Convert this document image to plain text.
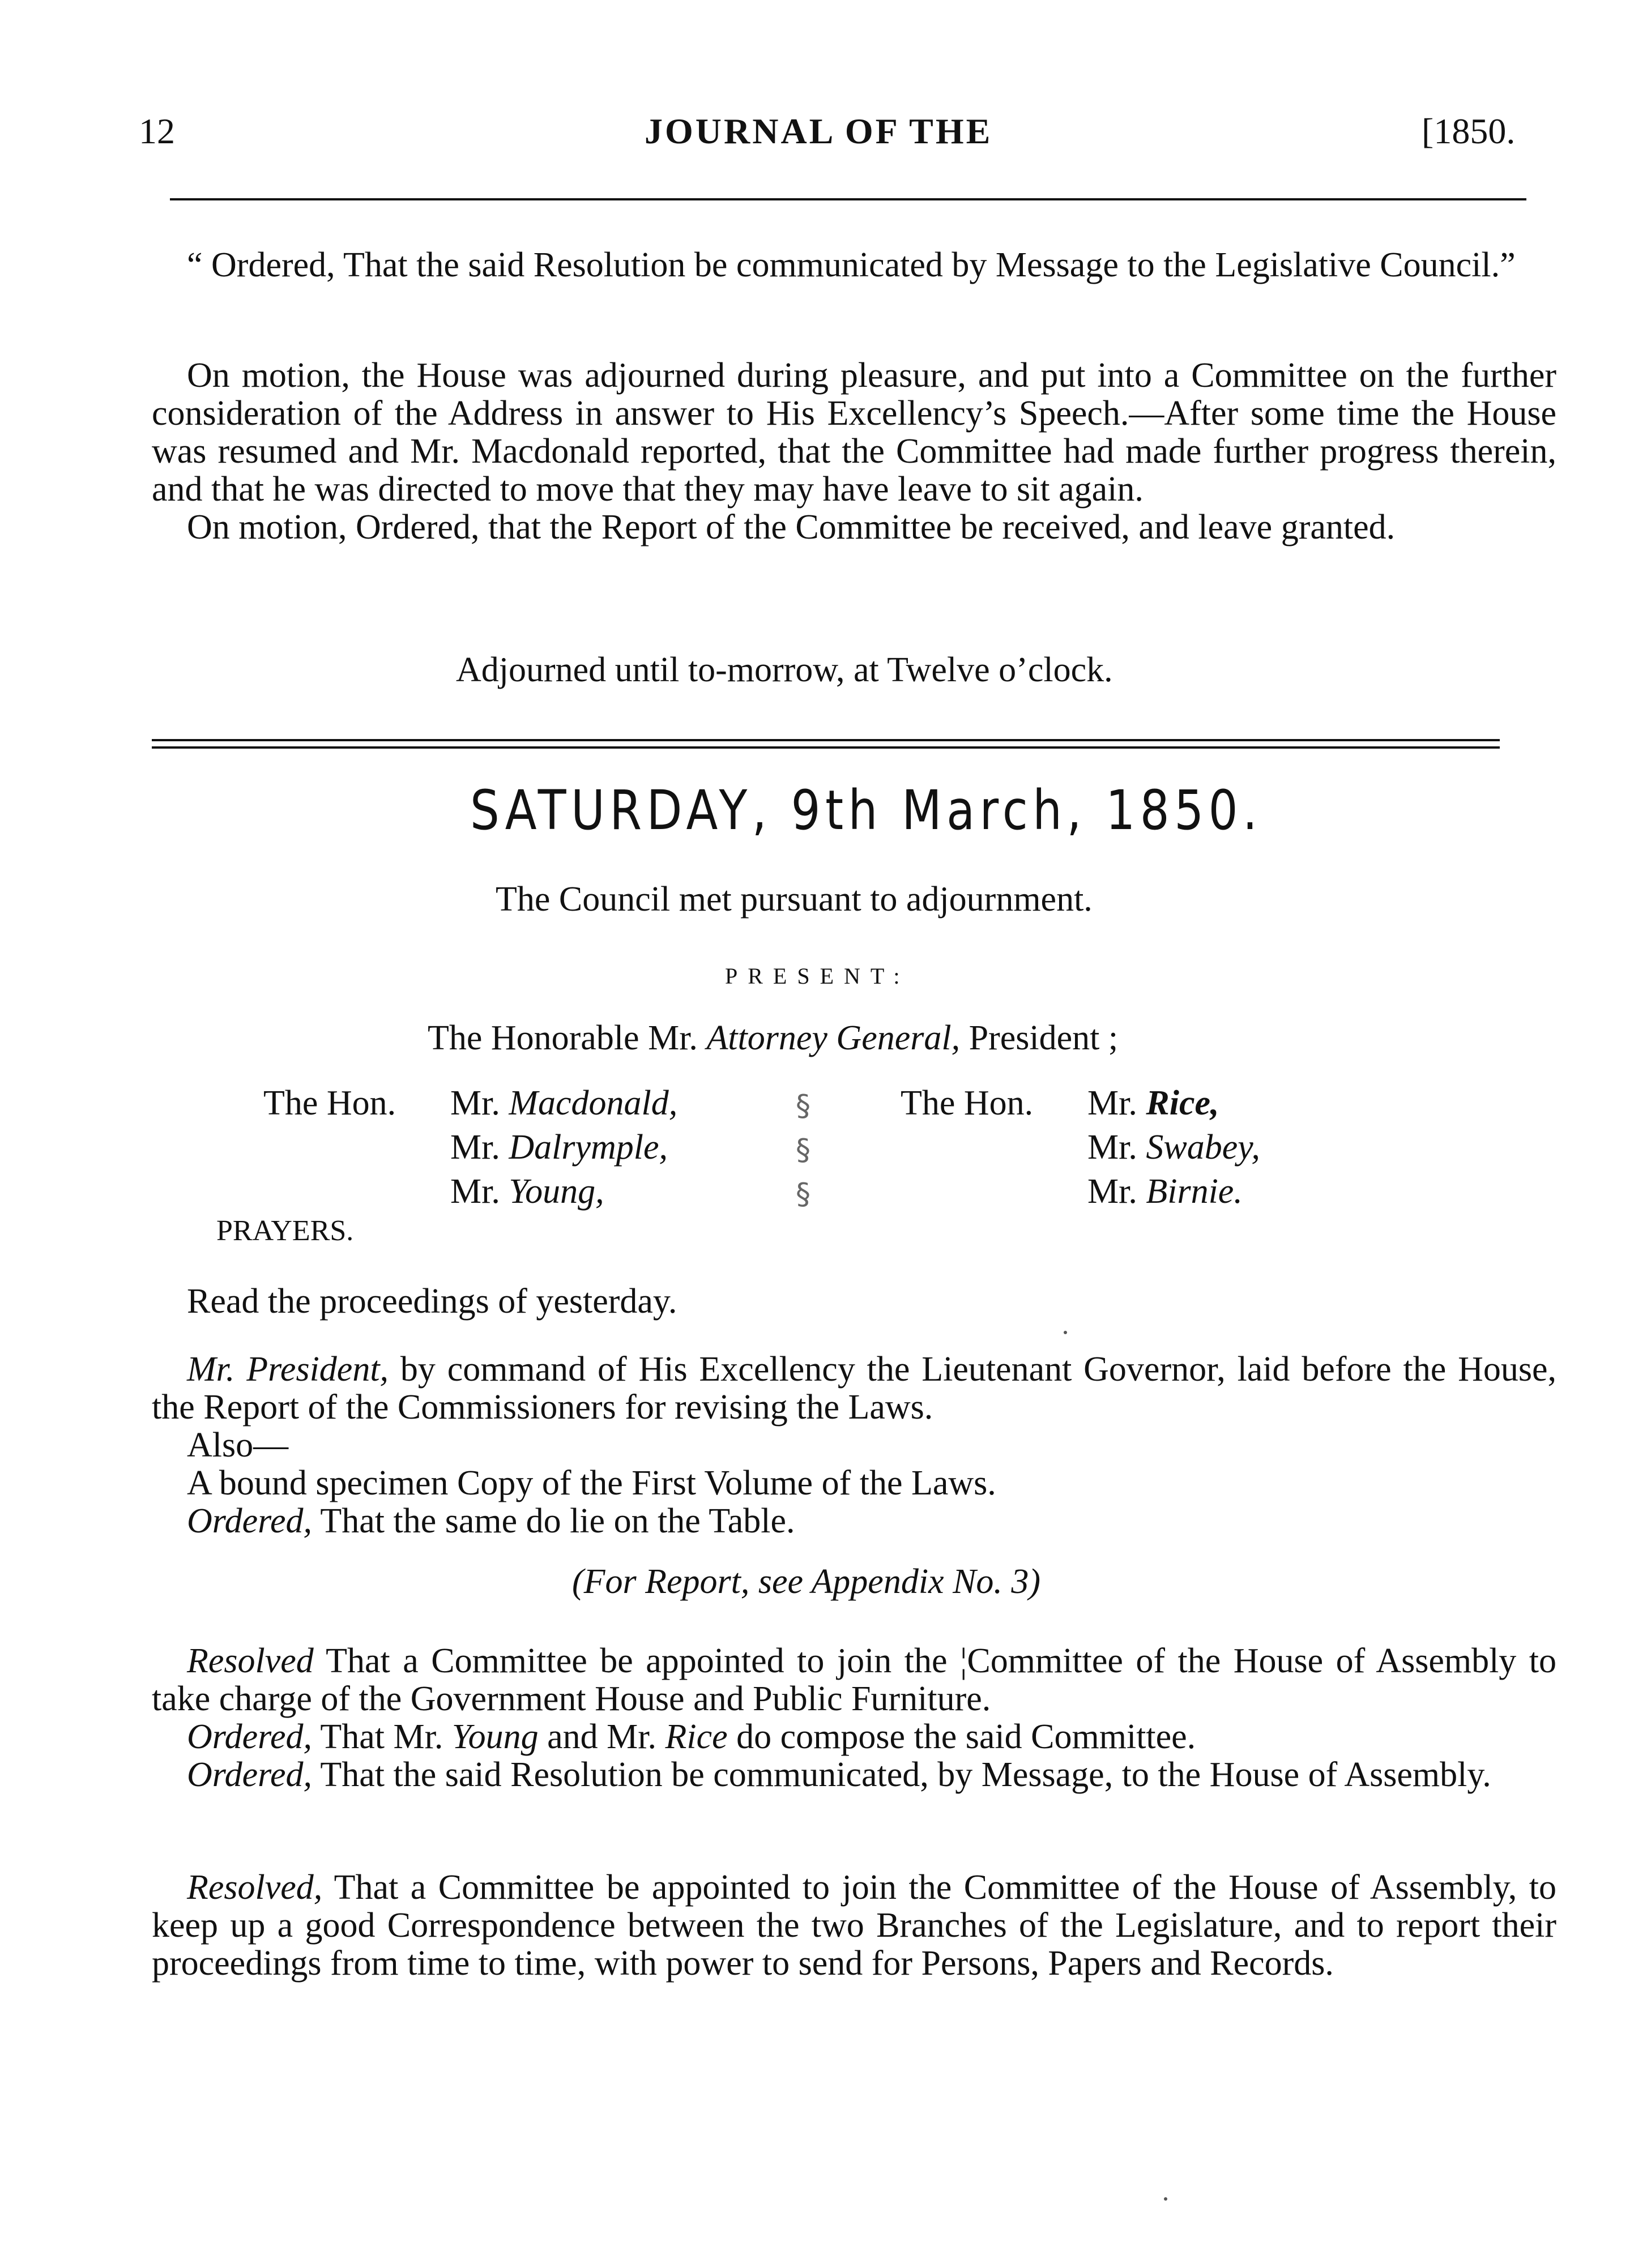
12	JOURNAL OF THE	[1850.

“ Ordered, That the said Resolution be communicated by Message to the Legislative Council.”

On motion, the House was adjourned during pleasure, and put into a Committee on the further consideration of the Address in answer to His Excellency’s Speech.—After some time the House was resumed and Mr. Macdonald reported, that the Committee had made further progress therein, and that he was directed to move that they may have leave to sit again.

On motion, Ordered, that the Report of the Committee be received, and leave granted.

Adjourned until to-morrow, at Twelve o’clock.
SATURDAY, 9th March, 1850.
The Council met pursuant to adjournment.
PRESENT:
The Honorable Mr. Attorney General, President ;
The Hon. Mr. Macdonald,
Mr. Dalrymple,
Mr. Young,
§
§
§
The Hon. Mr. Rice,
Mr. Swabey,
Mr. Birnie.
PRAYERS.
Read the proceedings of yesterday.

Mr. President, by command of His Excellency the Lieutenant Governor, laid before the House, the Report of the Commissioners for revising the Laws.

Also—

A bound specimen Copy of the First Volume of the Laws.

Ordered, That the same do lie on the Table.

(For Report, see Appendix No. 3)

Resolved That a Committee be appointed to join the ¦Committee of the House of Assembly to take charge of the Government House and Public Furniture.

Ordered, That Mr. Young and Mr. Rice do compose the said Committee.

Ordered, That the said Resolution be communicated, by Message, to the House of Assembly.

Resolved, That a Committee be appointed to join the Committee of the House of Assembly, to keep up a good Correspondence between the two Branches of the Legislature, and to report their proceedings from time to time, with power to send for Persons, Papers and Records.
